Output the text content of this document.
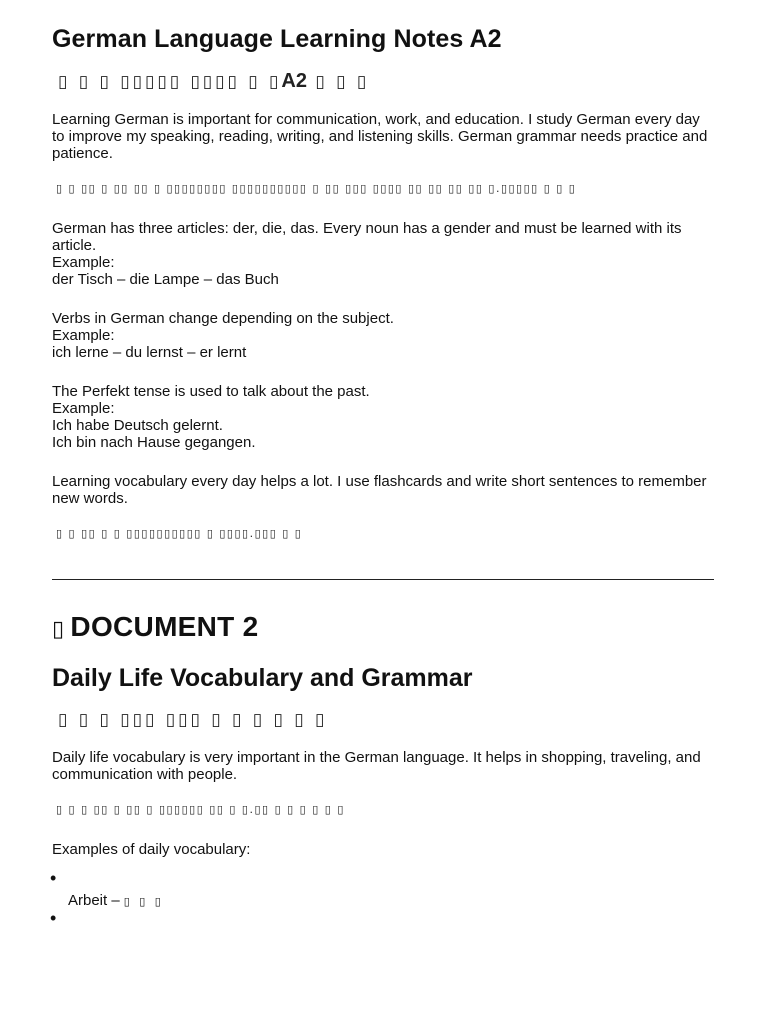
German Language Learning Notes A2
▯ ▯ ▯ ▯▯▯▯▯ ▯▯▯▯ ▯ ▯A2 ▯ ▯ ▯

Learning German is important for communication, work, and education. I study German every day to improve my speaking, reading, writing, and listening skills. German grammar needs practice and patience.

▯ ▯ ▯▯ ▯ ▯▯ ▯▯ ▯ ▯▯▯▯▯▯▯▯ ▯▯▯▯▯▯▯▯▯▯ ▯ ▯▯ ▯▯▯ ▯▯▯▯ ▯▯ ▯▯ ▯▯ ▯▯ ▯.▯▯▯▯▯ ▯ ▯ ▯

German has three articles: der, die, das. Every noun has a gender and must be learned with its article.

Example:

der Tisch – die Lampe – das Buch

Verbs in German change depending on the subject.

Example:

ich lerne – du lernst – er lernt

The Perfekt tense is used to talk about the past.

Example:

Ich habe Deutsch gelernt.

Ich bin nach Hause gegangen.

Learning vocabulary every day helps a lot. I use flashcards and write short sentences to remember new words.

▯ ▯ ▯▯ ▯ ▯ ▯▯▯▯▯▯▯▯▯▯ ▯ ▯▯▯▯.▯▯▯ ▯ ▯
▯ DOCUMENT 2
Daily Life Vocabulary and Grammar
▯ ▯ ▯ ▯▯▯ ▯▯▯ ▯ ▯ ▯ ▯ ▯ ▯

Daily life vocabulary is very important in the German language. It helps in shopping, traveling, and communication with people.

▯ ▯ ▯ ▯▯ ▯ ▯▯ ▯ ▯▯▯▯▯▯ ▯▯ ▯ ▯.▯▯ ▯ ▯ ▯ ▯ ▯ ▯

Examples of daily vocabulary:

•
Arbeit – ▯ ▯ ▯
•
